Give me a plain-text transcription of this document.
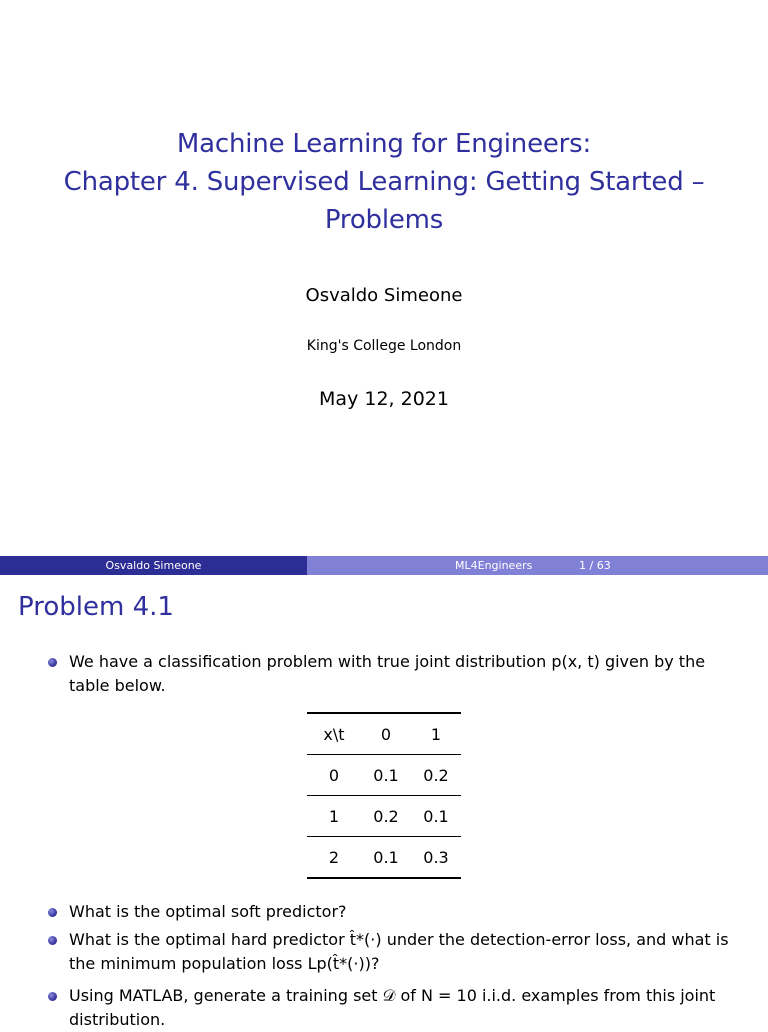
Machine Learning for Engineers:
Chapter 4. Supervised Learning: Getting Started –
Problems
Osvaldo Simeone
King's College London
May 12, 2021
Osvaldo Simeone	ML4Engineers	1 / 63
Problem 4.1
We have a classification problem with true joint distribution p(x, t) given by the table below.
x\t	0	1
0	0.1	0.2
1	0.2	0.1
2	0.1	0.3
What is the optimal soft predictor?
What is the optimal hard predictor t̂*(·) under the detection-error loss, and what is the minimum population loss Lp(t̂*(·))?
Using MATLAB, generate a training set 𝒟 of N = 10 i.i.d. examples from this joint distribution.
